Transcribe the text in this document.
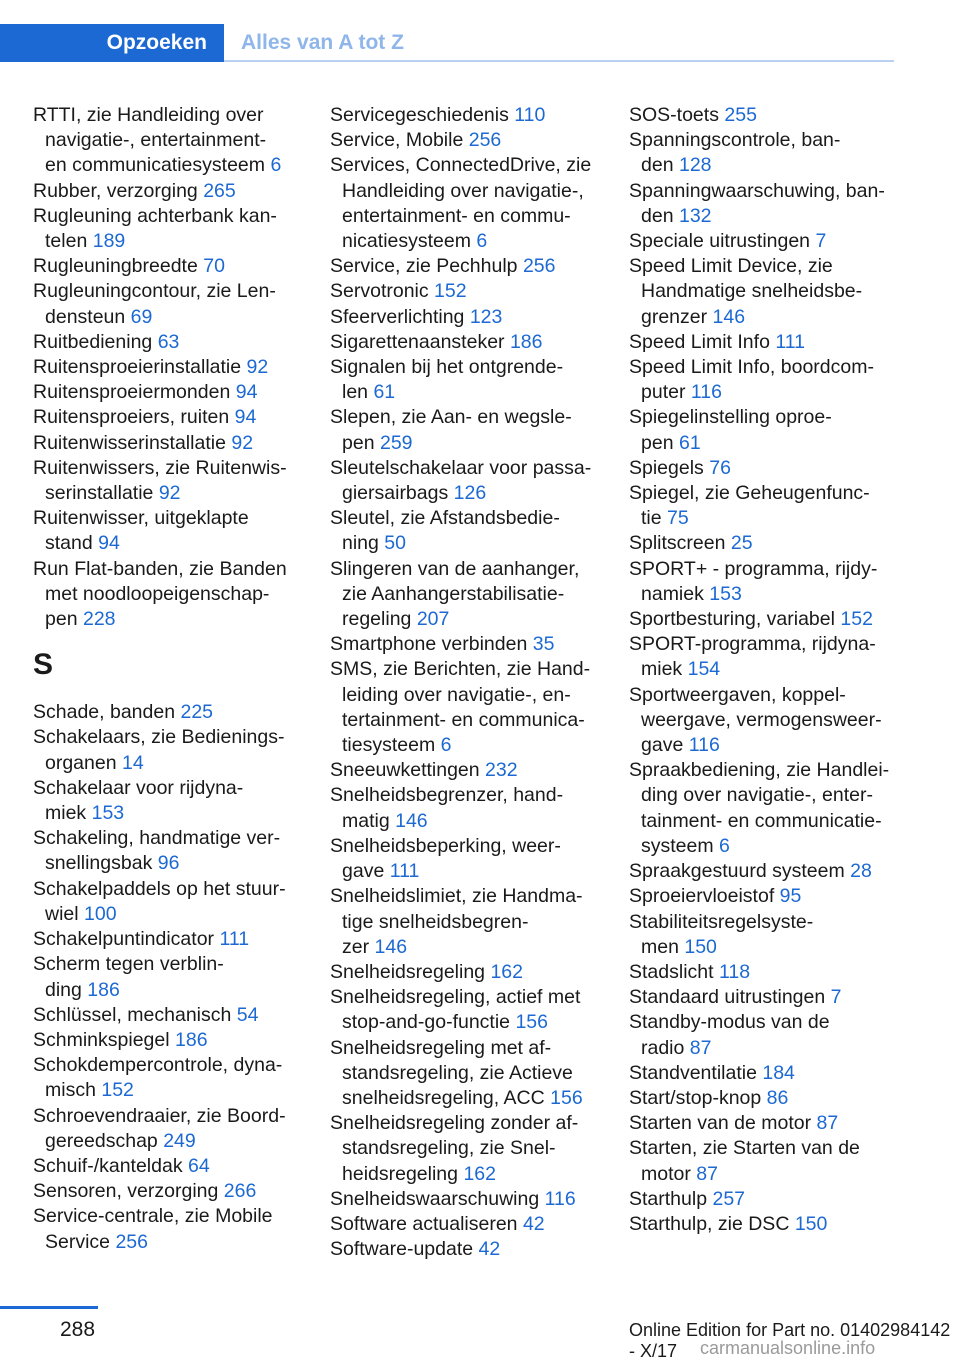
Opzoeken	Alles van A tot Z
RTTI, zie Handleiding over
navigatie-, entertainment-
en communicatiesysteem 6
Rubber, verzorging 265
Rugleuning achterbank kan-
telen 189
Rugleuningbreedte 70
Rugleuningcontour, zie Len-
densteun 69
Ruitbediening 63
Ruitensproeierinstallatie 92
Ruitensproeiermonden 94
Ruitensproeiers, ruiten 94
Ruitenwisserinstallatie 92
Ruitenwissers, zie Ruitenwis-
serinstallatie 92
Ruitenwisser, uitgeklapte
stand 94
Run Flat-banden, zie Banden
met noodloopeigenschap-
pen 228
S
Schade, banden 225
Schakelaars, zie Bedienings-
organen 14
Schakelaar voor rijdyna-
miek 153
Schakeling, handmatige ver-
snellingsbak 96
Schakelpaddels op het stuur-
wiel 100
Schakelpuntindicator 111
Scherm tegen verblin-
ding 186
Schlüssel, mechanisch 54
Schminkspiegel 186
Schokdempercontrole, dyna-
misch 152
Schroevendraaier, zie Boord-
gereedschap 249
Schuif-/kanteldak 64
Sensoren, verzorging 266
Service-centrale, zie Mobile
Service 256
Servicegeschiedenis 110
Service, Mobile 256
Services, ConnectedDrive, zie
Handleiding over navigatie-,
entertainment- en commu-
nicatiesysteem 6
Service, zie Pechhulp 256
Servotronic 152
Sfeerverlichting 123
Sigarettenaansteker 186
Signalen bij het ontgrende-
len 61
Slepen, zie Aan- en wegsle-
pen 259
Sleutelschakelaar voor passa-
giersairbags 126
Sleutel, zie Afstandsbedie-
ning 50
Slingeren van de aanhanger,
zie Aanhangerstabilisatie-
regeling 207
Smartphone verbinden 35
SMS, zie Berichten, zie Hand-
leiding over navigatie-, en-
tertainment- en communica-
tiesysteem 6
Sneeuwkettingen 232
Snelheidsbegrenzer, hand-
matig 146
Snelheidsbeperking, weer-
gave 111
Snelheidslimiet, zie Handma-
tige snelheidsbegren-
zer 146
Snelheidsregeling 162
Snelheidsregeling, actief met
stop-and-go-functie 156
Snelheidsregeling met af-
standsregeling, zie Actieve
snelheidsregeling, ACC 156
Snelheidsregeling zonder af-
standsregeling, zie Snel-
heidsregeling 162
Snelheidswaarschuwing 116
Software actualiseren 42
Software-update 42
SOS-toets 255
Spanningscontrole, ban-
den 128
Spanningwaarschuwing, ban-
den 132
Speciale uitrustingen 7
Speed Limit Device, zie
Handmatige snelheidsbe-
grenzer 146
Speed Limit Info 111
Speed Limit Info, boordcom-
puter 116
Spiegelinstelling oproe-
pen 61
Spiegels 76
Spiegel, zie Geheugenfunc-
tie 75
Splitscreen 25
SPORT+ - programma, rijdy-
namiek 153
Sportbesturing, variabel 152
SPORT-programma, rijdyna-
miek 154
Sportweergaven, koppel-
weergave, vermogensweer-
gave 116
Spraakbediening, zie Handlei-
ding over navigatie-, enter-
tainment- en communicatie-
systeem 6
Spraakgestuurd systeem 28
Sproeiervloeistof 95
Stabiliteitsregelsyste-
men 150
Stadslicht 118
Standaard uitrustingen 7
Standby-modus van de
radio 87
Standventilatie 184
Start/stop-knop 86
Starten van de motor 87
Starten, zie Starten van de
motor 87
Starthulp 257
Starthulp, zie DSC 150
288	Online Edition for Part no. 01402984142 - X/17	carmanualsonline.info
